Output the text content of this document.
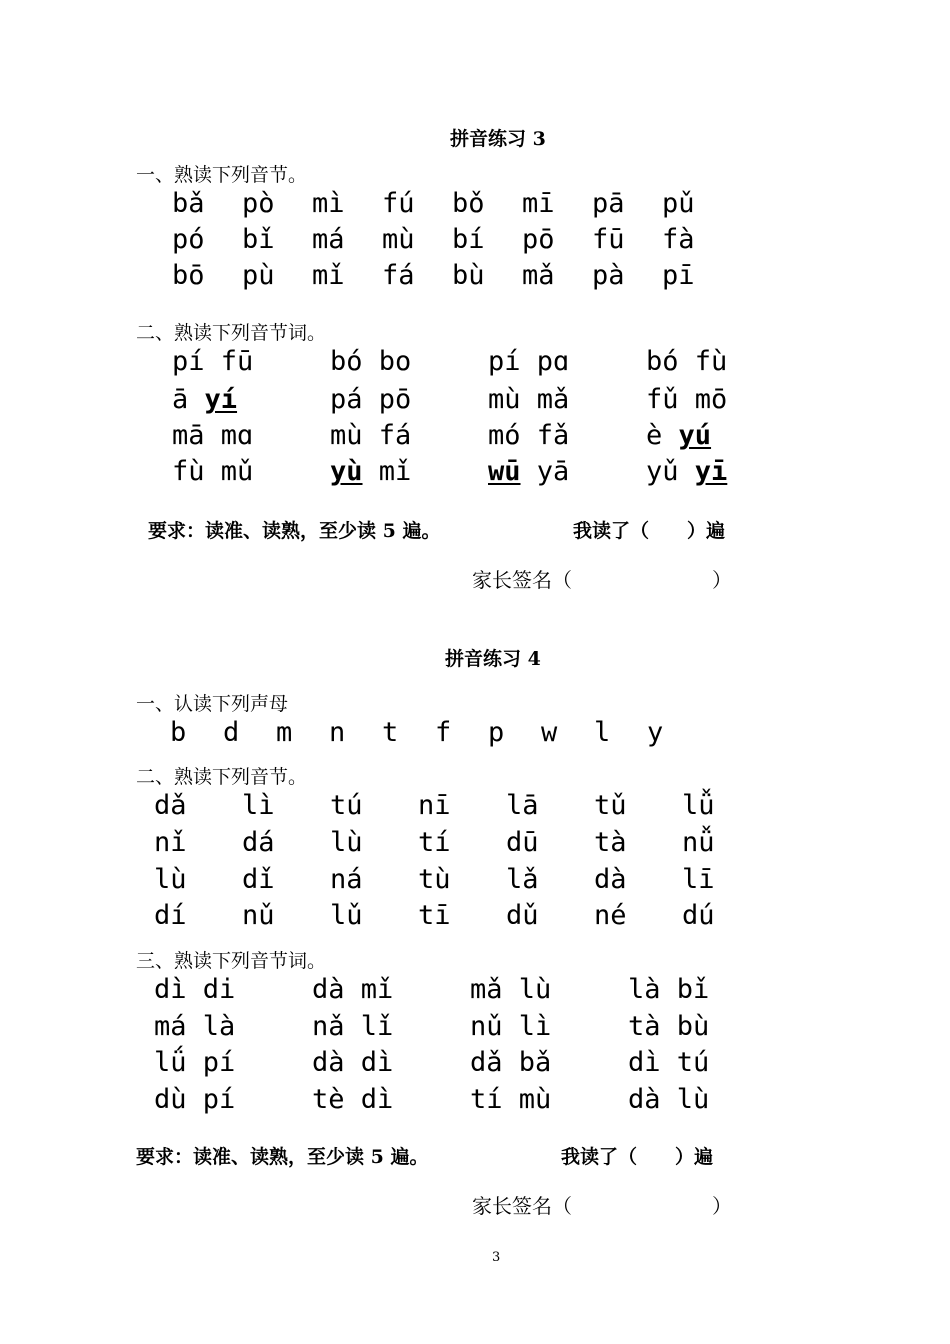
拼音练习 3
一、熟读下列音节。
bǎ pò mì fú bǒ mī pā pǔ
pó bǐ má mù bí pō fū fà
bō pù mǐ fá bù mǎ pà pī
二、熟读下列音节词。
pí fū	bó bo	pí pɑ	bó fù
ā yí	pá pō	mù mǎ	fǔ mō
mā mɑ	mù fá	mó fǎ	è yú
fù mǔ	yù mǐ	wū yā	yǔ yī
要求：读准、读熟，至少读 5 遍。	我读了（　　）遍
家长签名（　　　　　　　）
拼音练习 4
一、认读下列声母
b d m n t f p w l y
二、熟读下列音节。
dǎ lì tú nī lā tǔ lǚ
nǐ dá lù tí dū tà nǚ
lù dǐ ná tù lǎ dà lī
dí nǔ lǔ tī dǔ né dú
三、熟读下列音节词。
dì di	dà mǐ	mǎ lù	là bǐ
má là	nǎ lǐ	nǔ lì	tà bù
lǘ pí	dà dì	dǎ bǎ	dì tú
dù pí	tè dì	tí mù	dà lù
要求：读准、读熟，至少读 5 遍。	我读了（　　）遍
家长签名（　　　　　　　）
3
